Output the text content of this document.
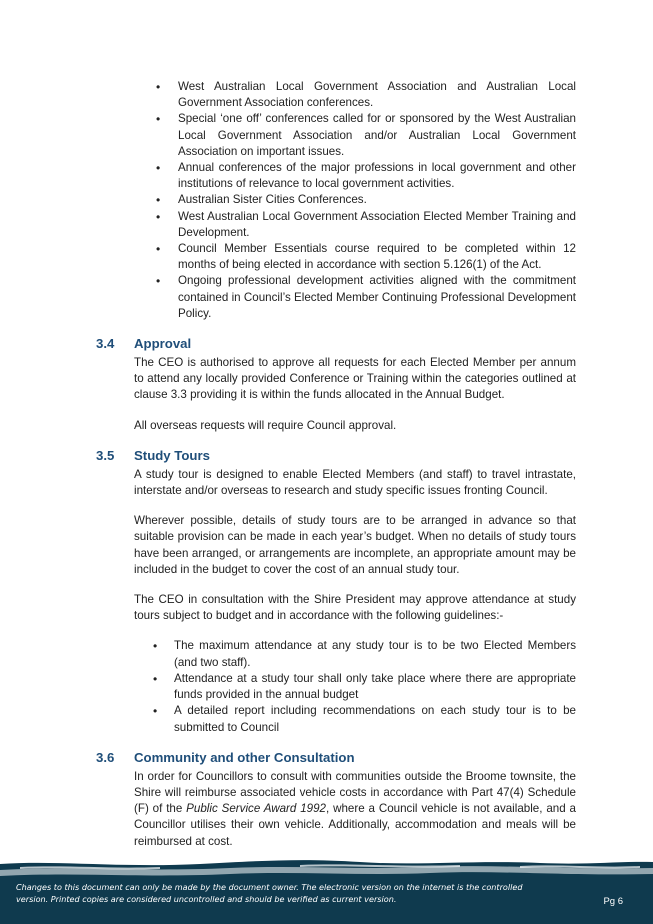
• West Australian Local Government Association and Australian Local Government Association conferences.
• Special ‘one off’ conferences called for or sponsored by the West Australian Local Government Association and/or Australian Local Government Association on important issues.
• Annual conferences of the major professions in local government and other institutions of relevance to local government activities.
• Australian Sister Cities Conferences.
• West Australian Local Government Association Elected Member Training and Development.
• Council Member Essentials course required to be completed within 12 months of being elected in accordance with section 5.126(1) of the Act.
• Ongoing professional development activities aligned with the commitment contained in Council’s Elected Member Continuing Professional Development Policy.
3.4	Approval

The CEO is authorised to approve all requests for each Elected Member per annum to attend any locally provided Conference or Training within the categories outlined at clause 3.3 providing it is within the funds allocated in the Annual Budget.

All overseas requests will require Council approval.

3.5	Study Tours

A study tour is designed to enable Elected Members (and staff) to travel intrastate, interstate and/or overseas to research and study specific issues fronting Council.

Wherever possible, details of study tours are to be arranged in advance so that suitable provision can be made in each year’s budget. When no details of study tours have been arranged, or arrangements are incomplete, an appropriate amount may be included in the budget to cover the cost of an annual study tour.

The CEO in consultation with the Shire President may approve attendance at study tours subject to budget and in accordance with the following guidelines:-

• The maximum attendance at any study tour is to be two Elected Members (and two staff).
• Attendance at a study tour shall only take place where there are appropriate funds provided in the annual budget
• A detailed report including recommendations on each study tour is to be submitted to Council
3.6	Community and other Consultation

In order for Councillors to consult with communities outside the Broome townsite, the Shire will reimburse associated vehicle costs in accordance with Part 47(4) Schedule (F) of the Public Service Award 1992, where a Council vehicle is not available, and a Councillor utilises their own vehicle. Additionally, accommodation and meals will be reimbursed at cost.

Changes to this document can only be made by the document owner. The electronic version on the internet is the controlled version. Printed copies are considered uncontrolled and should be verified as current version.	Pg 6
